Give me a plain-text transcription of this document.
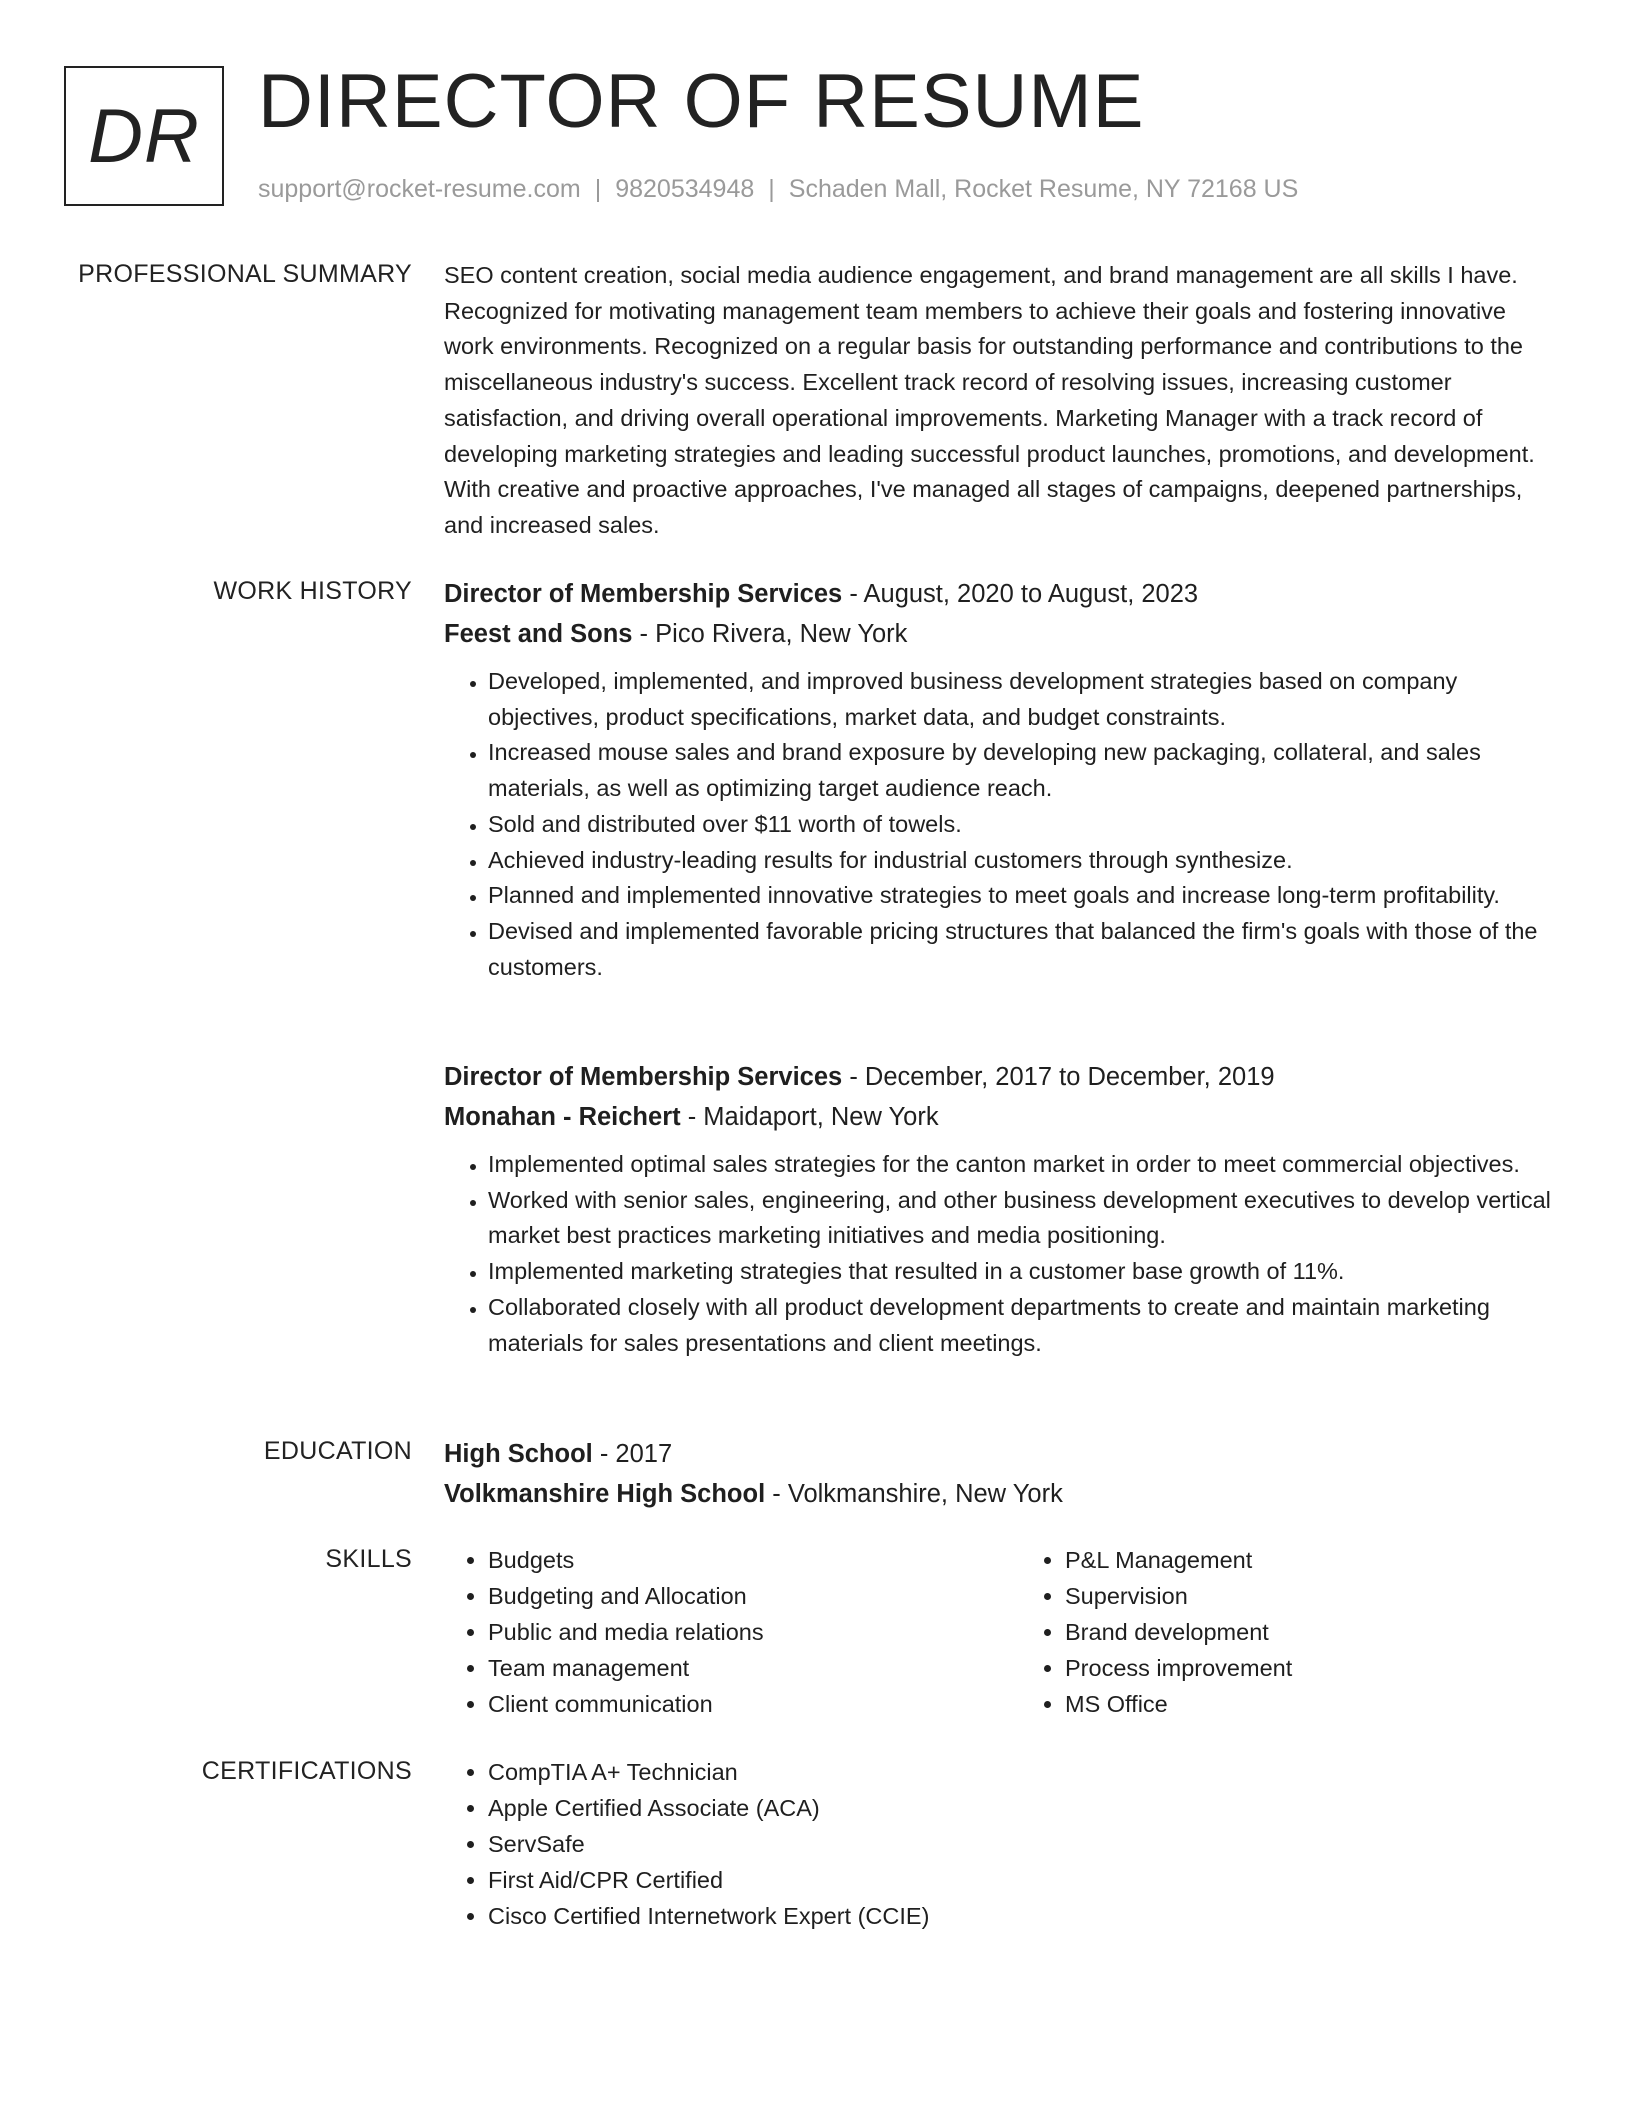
DR DIRECTOR OF RESUME
support@rocket-resume.com | 9820534948 | Schaden Mall, Rocket Resume, NY 72168 US
PROFESSIONAL SUMMARY SEO content creation, social media audience engagement, and brand management are all skills I have. Recognized for motivating management team members to achieve their goals and fostering innovative work environments. Recognized on a regular basis for outstanding performance and contributions to the miscellaneous industry's success. Excellent track record of resolving issues, increasing customer satisfaction, and driving overall operational improvements. Marketing Manager with a track record of developing marketing strategies and leading successful product launches, promotions, and development. With creative and proactive approaches, I've managed all stages of campaigns, deepened partnerships, and increased sales.

WORK HISTORY Director of Membership Services - August, 2020 to August, 2023
Feest and Sons - Pico Rivera, New York
• Developed, implemented, and improved business development strategies based on company objectives, product specifications, market data, and budget constraints.
• Increased mouse sales and brand exposure by developing new packaging, collateral, and sales materials, as well as optimizing target audience reach.
• Sold and distributed over $11 worth of towels.
• Achieved industry-leading results for industrial customers through synthesize.
• Planned and implemented innovative strategies to meet goals and increase long-term profitability.
• Devised and implemented favorable pricing structures that balanced the firm's goals with those of the customers.
Director of Membership Services - December, 2017 to December, 2019
Monahan - Reichert - Maidaport, New York
• Implemented optimal sales strategies for the canton market in order to meet commercial objectives.
• Worked with senior sales, engineering, and other business development executives to develop vertical market best practices marketing initiatives and media positioning.
• Implemented marketing strategies that resulted in a customer base growth of 11%.
• Collaborated closely with all product development departments to create and maintain marketing materials for sales presentations and client meetings.
EDUCATION High School - 2017
Volkmanshire High School - Volkmanshire, New York
SKILLS	• Budgets
• Budgeting and Allocation
• Public and media relations
• Team management
• Client communication
• P&L Management
• Supervision
• Brand development
• Process improvement
• MS Office
CERTIFICATIONS	• CompTIA A+ Technician
• Apple Certified Associate (ACA)
• ServSafe
• First Aid/CPR Certified
• Cisco Certified Internetwork Expert (CCIE)
